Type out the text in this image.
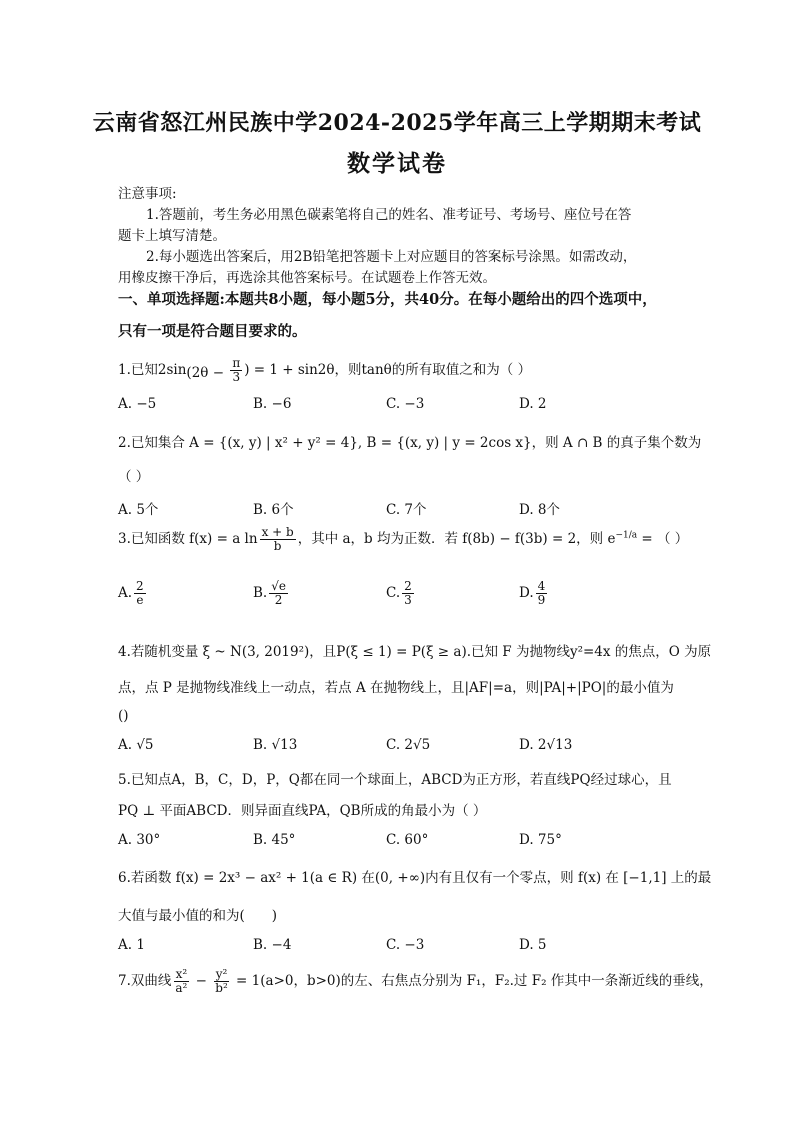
云南省怒江州民族中学2024-2025学年高三上学期期末考试
数学试卷
注意事项:
1.答题前，考生务必用黑色碳素笔将自己的姓名、准考证号、考场号、座位号在答
题卡上填写清楚。
2.每小题选出答案后，用2B铅笔把答题卡上对应题目的答案标号涂黑。如需改动，
用橡皮擦干净后，再选涂其他答案标号。在试题卷上作答无效。
一、单项选择题:本题共8小题，每小题5分，共40分。在每小题给出的四个选项中，
只有一项是符合题目要求的。
1.已知$2\sin(2\theta - \frac{\pi}{3}$ ) = 1 + sin2θ，则tanθ的所有取值之和为（ ）
A. −5	B. −6	C. −3	D. 2
2.已知集合 A = {(x, y) | x² + y² = 4}, B = {(x, y) | y = 2cos x}，则 A ∩ B 的真子集个数为
（ ）
A. 5个	B. 6个	C. 7个	D. 8个
3.已知函数 f(x) = a $\ln \frac{x + b}{b}$ ，其中 a，b 均为正数．若 f(8b) − f(3b) = 2，则 $e^{-1/a}$ = （ ）
A. $\frac{2}{e}$	B. $\frac{√e}{2}$	C. $\frac{2}{3}$	D. $\frac{4}{9}$
4.若随机变量 ξ ~ N(3, 2019²)，且P(ξ ≤ 1) = P(ξ ≥ a).已知 F 为抛物线y²=4x 的焦点，O 为原
点，点 P 是抛物线准线上一动点，若点 A 在抛物线上，且|AF|=a，则|PA|+|PO|的最小值为
()
A. √5	B. √13	C. 2√5	D. 2√13
5.已知点A，B，C，D，P，Q都在同一个球面上，ABCD为正方形，若直线PQ经过球心，且
PQ ⊥ 平面ABCD．则异面直线PA，QB所成的角最小为（ ）
A. 30°	B. 45°	C. 60°	D. 75°
6.若函数 f(x) = 2x³ − ax² + 1(a ∈ R) 在(0, +∞)内有且仅有一个零点，则 f(x) 在 [−1,1] 上的最
大值与最小值的和为(　　)
A. 1	B. −4	C. −3	D. 5
7.双曲线 $\frac{\text{x²}}{\text{a²}} - \frac{\text{y²}}{\text{b²}} = 1(a>0$，b>0)的左、右焦点分别为 F₁，F₂.过 F₂ 作其中一条渐近线的垂线，
